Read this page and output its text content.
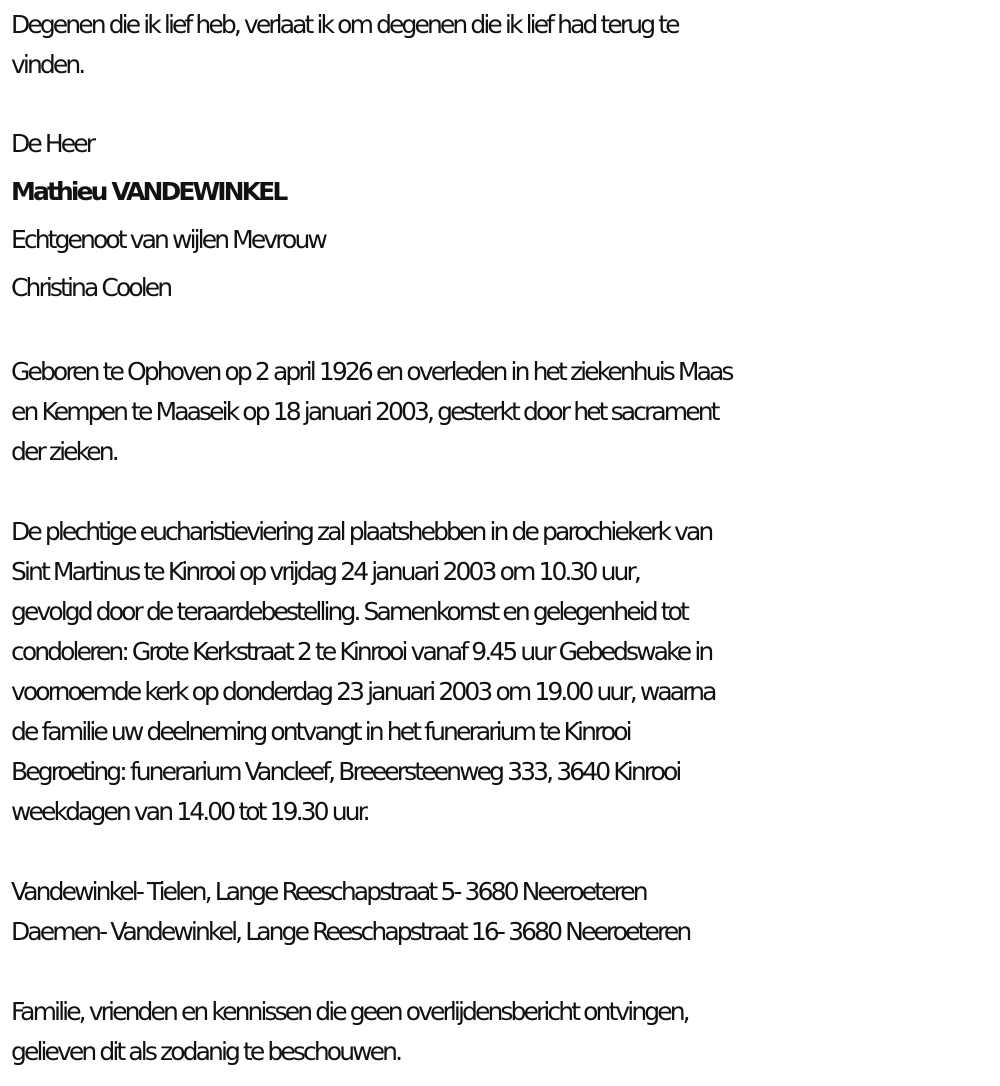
Degenen die ik lief heb, verlaat ik om degenen die ik lief had terug te
vinden.
De Heer
Mathieu VANDEWINKEL
Echtgenoot van wijlen Mevrouw
Christina Coolen
Geboren te Ophoven op 2 april 1926 en overleden in het ziekenhuis Maas
en Kempen te Maaseik op 18 januari 2003, gesterkt door het sacrament
der zieken.
De plechtige eucharistieviering zal plaatshebben in de parochiekerk van
Sint Martinus te Kinrooi op vrijdag 24 januari 2003 om 10.30 uur,
gevolgd door de teraardebestelling. Samenkomst en gelegenheid tot
condoleren: Grote Kerkstraat 2 te Kinrooi vanaf 9.45 uur Gebedswake in
voornoemde kerk op donderdag 23 januari 2003 om 19.00 uur, waarna
de familie uw deelneming ontvangt in het funerarium te Kinrooi
Begroeting: funerarium Vancleef, Breeersteenweg 333, 3640 Kinrooi
weekdagen van 14.00 tot 19.30 uur.
Vandewinkel- Tielen, Lange Reeschapstraat 5- 3680 Neeroeteren
Daemen- Vandewinkel, Lange Reeschapstraat 16- 3680 Neeroeteren
Familie, vrienden en kennissen die geen overlijdensbericht ontvingen,
gelieven dit als zodanig te beschouwen.
